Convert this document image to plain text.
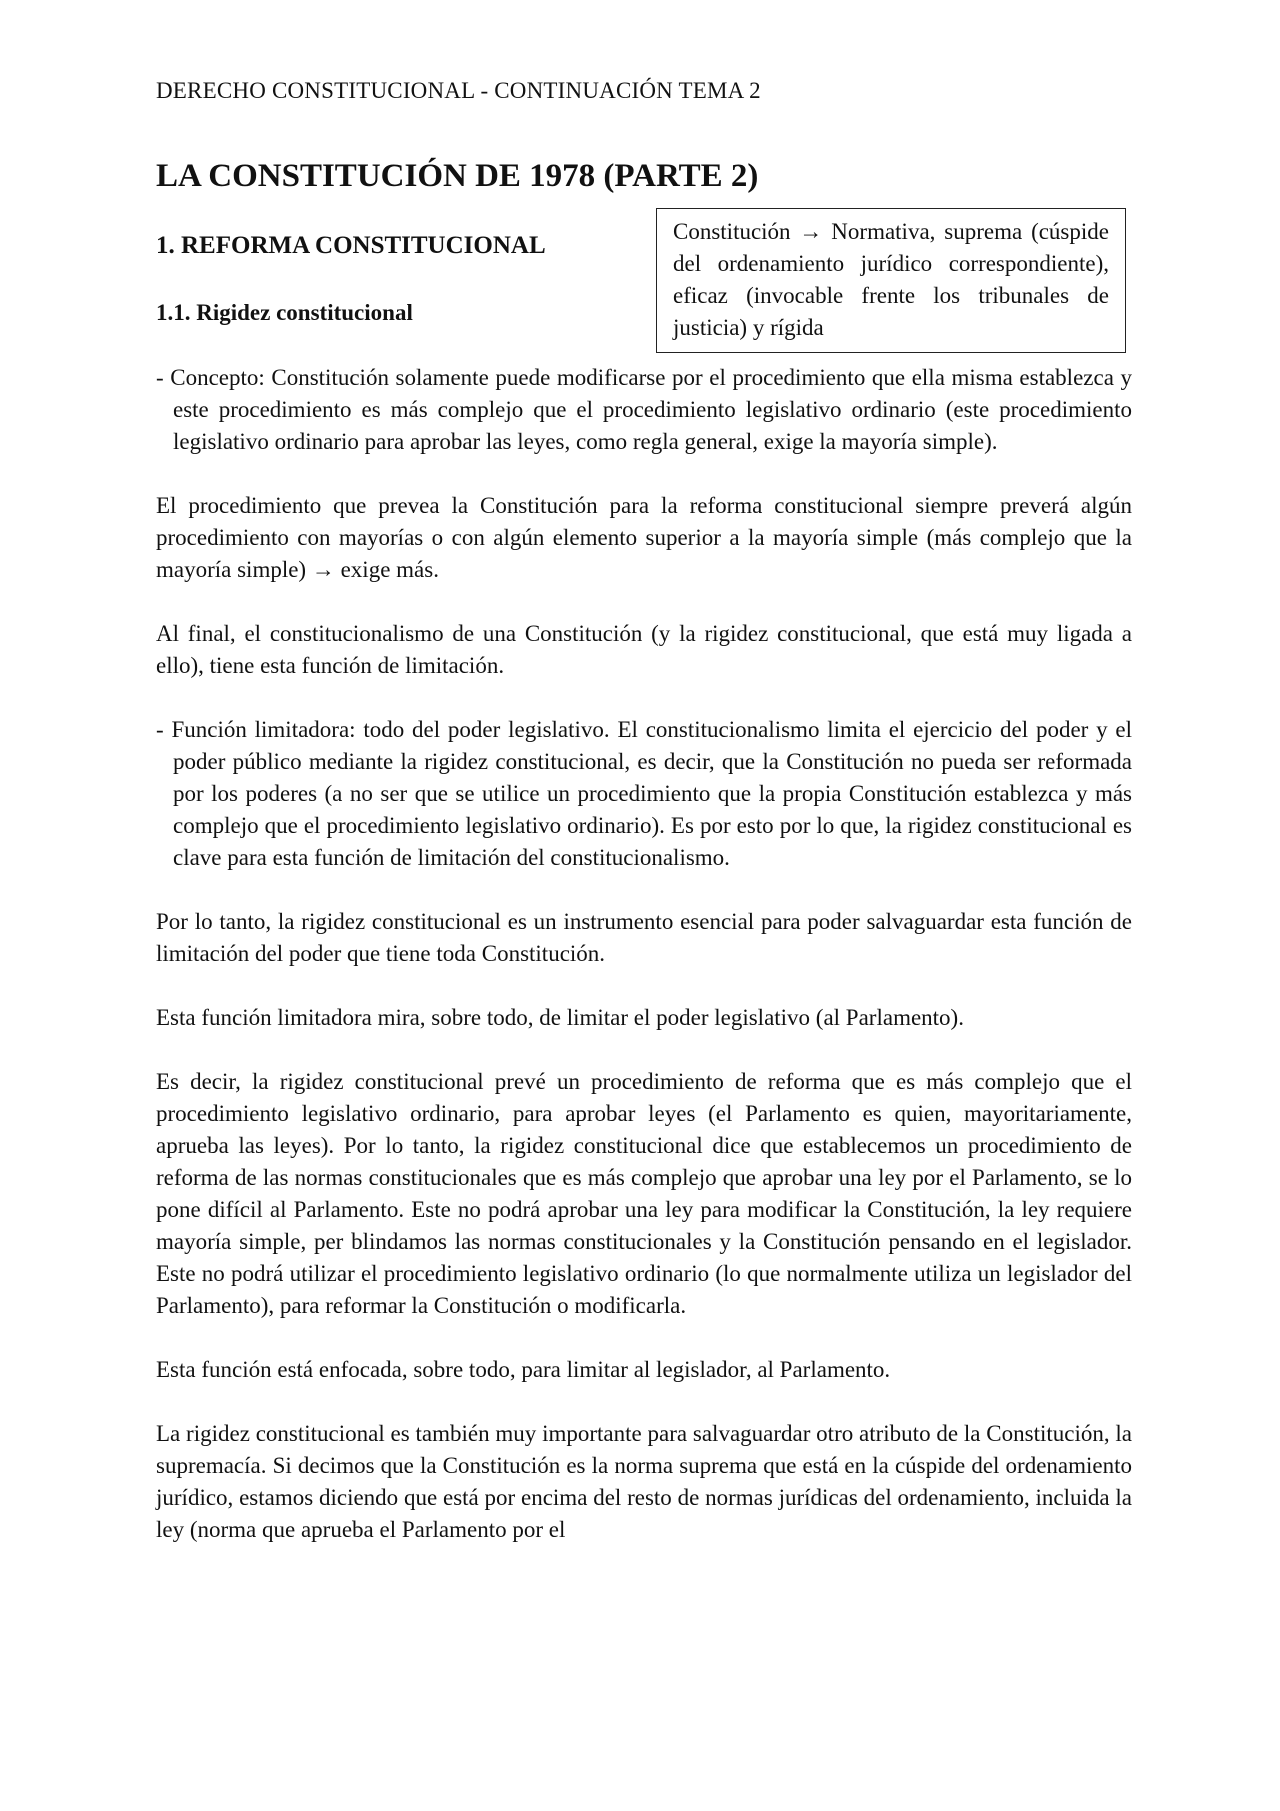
DERECHO CONSTITUCIONAL - CONTINUACIÓN TEMA 2
LA CONSTITUCIÓN DE 1978 (PARTE 2)
1. REFORMA CONSTITUCIONAL
1.1. Rigidez constitucional
Constitución → Normativa, suprema (cúspide del ordenamiento jurídico correspondiente), eficaz (invocable frente los tribunales de justicia) y rígida

- Concepto: Constitución solamente puede modificarse por el procedimiento que ella misma establezca y este procedimiento es más complejo que el procedimiento legislativo ordinario (este procedimiento legislativo ordinario para aprobar las leyes, como regla general, exige la mayoría simple).

El procedimiento que prevea la Constitución para la reforma constitucional siempre preverá algún procedimiento con mayorías o con algún elemento superior a la mayoría simple (más complejo que la mayoría simple) → exige más.

Al final, el constitucionalismo de una Constitución (y la rigidez constitucional, que está muy ligada a ello), tiene esta función de limitación.

- Función limitadora: todo del poder legislativo. El constitucionalismo limita el ejercicio del poder y el poder público mediante la rigidez constitucional, es decir, que la Constitución no pueda ser reformada por los poderes (a no ser que se utilice un procedimiento que la propia Constitución establezca y más complejo que el procedimiento legislativo ordinario). Es por esto por lo que, la rigidez constitucional es clave para esta función de limitación del constitucionalismo.

Por lo tanto, la rigidez constitucional es un instrumento esencial para poder salvaguardar esta función de limitación del poder que tiene toda Constitución.

Esta función limitadora mira, sobre todo, de limitar el poder legislativo (al Parlamento).

Es decir, la rigidez constitucional prevé un procedimiento de reforma que es más complejo que el procedimiento legislativo ordinario, para aprobar leyes (el Parlamento es quien, mayoritariamente, aprueba las leyes). Por lo tanto, la rigidez constitucional dice que establecemos un procedimiento de reforma de las normas constitucionales que es más complejo que aprobar una ley por el Parlamento, se lo pone difícil al Parlamento. Este no podrá aprobar una ley para modificar la Constitución, la ley requiere mayoría simple, per blindamos las normas constitucionales y la Constitución pensando en el legislador. Este no podrá utilizar el procedimiento legislativo ordinario (lo que normalmente utiliza un legislador del Parlamento), para reformar la Constitución o modificarla.

Esta función está enfocada, sobre todo, para limitar al legislador, al Parlamento.

La rigidez constitucional es también muy importante para salvaguardar otro atributo de la Constitución, la supremacía. Si decimos que la Constitución es la norma suprema que está en la cúspide del ordenamiento jurídico, estamos diciendo que está por encima del resto de normas jurídicas del ordenamiento, incluida la ley (norma que aprueba el Parlamento por el
